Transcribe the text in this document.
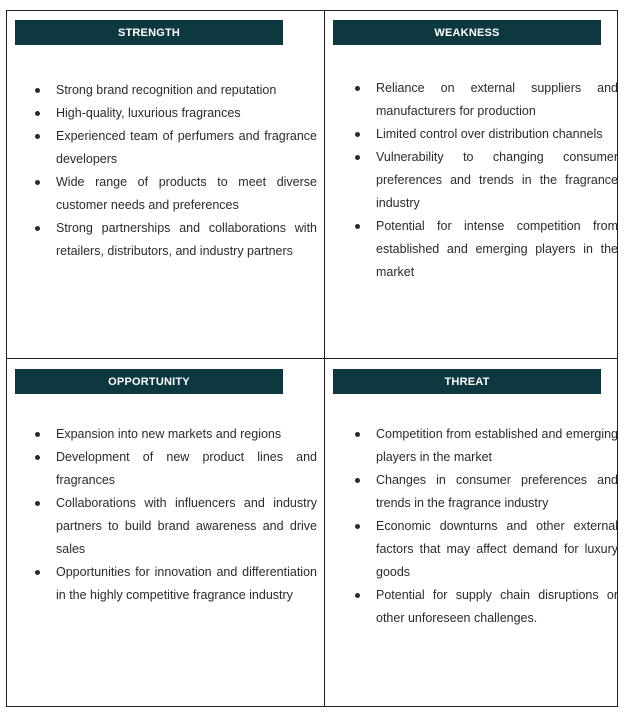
STRENGTH
Strong brand recognition and reputation
High-quality, luxurious fragrances
Experienced team of perfumers and fragrance developers
Wide range of products to meet diverse customer needs and preferences
Strong partnerships and collaborations with retailers, distributors, and industry partners
WEAKNESS
Reliance on external suppliers and manufacturers for production
Limited control over distribution channels
Vulnerability to changing consumer preferences and trends in the fragrance industry
Potential for intense competition from established and emerging players in the market
OPPORTUNITY
Expansion into new markets and regions
Development of new product lines and fragrances
Collaborations with influencers and industry partners to build brand awareness and drive sales
Opportunities for innovation and differentiation in the highly competitive fragrance industry
THREAT
Competition from established and emerging players in the market
Changes in consumer preferences and trends in the fragrance industry
Economic downturns and other external factors that may affect demand for luxury goods
Potential for supply chain disruptions or other unforeseen challenges.
